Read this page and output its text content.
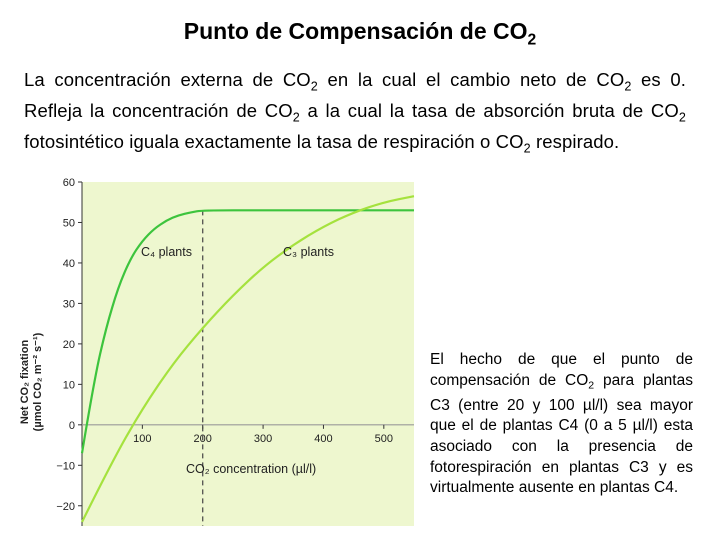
Punto de Compensación de $CO_2$
La concentración externa de $CO_2$ en la cual el cambio neto de $CO_2$ es 0. Refleja la concentración de $CO_2$ a la cual la tasa de absorción bruta de $CO_2$ fotosintético iguala exactamente la tasa de respiración o $CO_2$ respirado.
−20
−10
0
10
20
30
40
50
60
100	200	300	400	500
C₄ plants	C₃ plants
CO₂ concentration (µl/l)
Net CO₂ fixation (µmol CO₂ m⁻² s⁻¹)	El hecho de que el punto de compensación de $CO_2$ para plantas C3 (entre 20 y 100 µl/l) sea mayor que el de plantas C4 (0 a 5 µl/l) esta asociado con la presencia de fotorespiración en plantas C3 y es virtualmente ausente en plantas C4.
